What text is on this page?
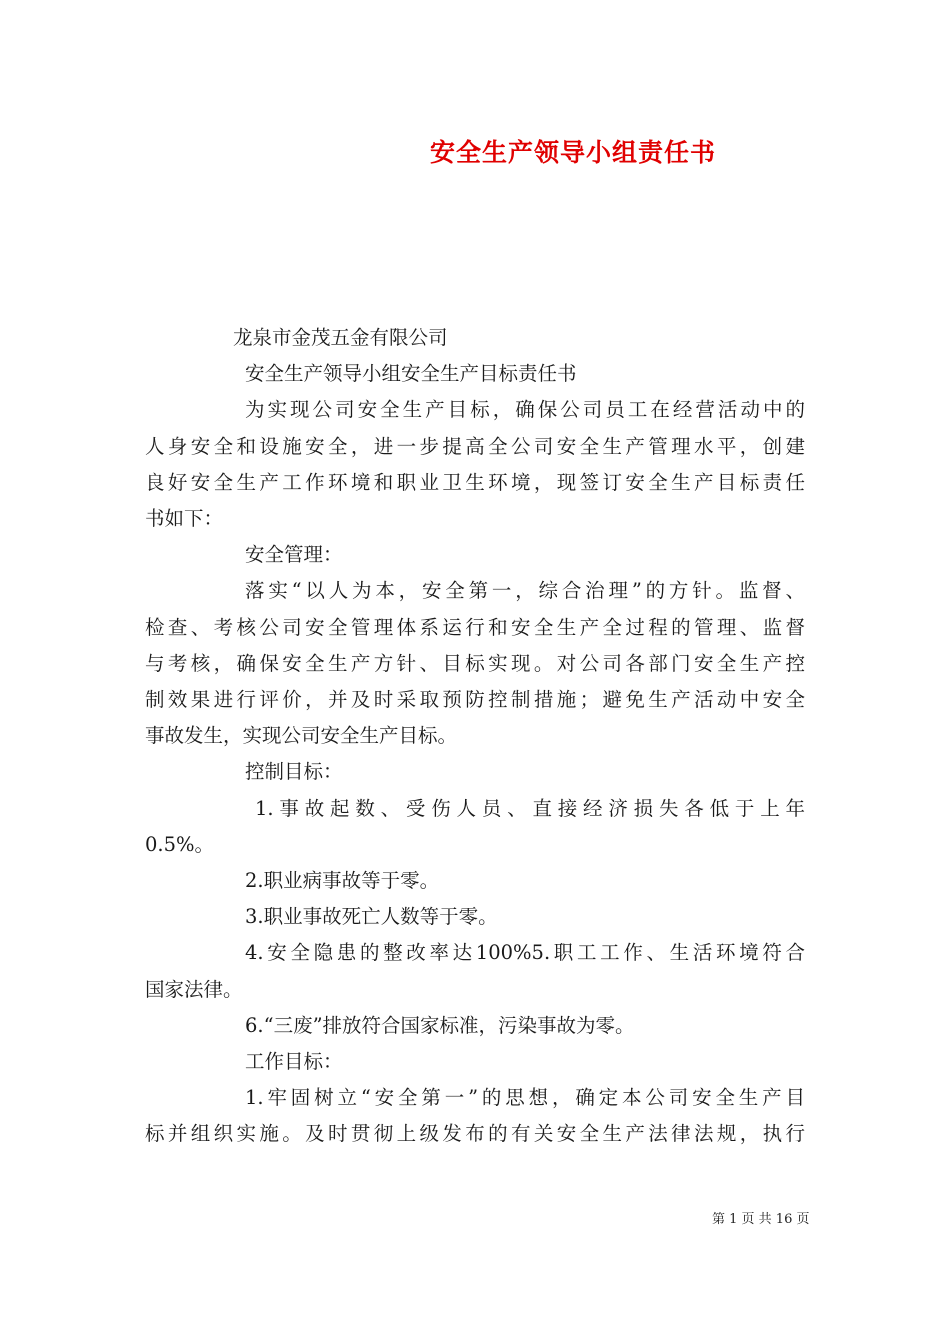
安全生产领导小组责任书
龙泉市金茂五金有限公司
安全生产领导小组安全生产目标责任书
为实现公司安全生产目标，确保公司员工在经营活动中的
人身安全和设施安全，进一步提高全公司安全生产管理水平，创建
良好安全生产工作环境和职业卫生环境，现签订安全生产目标责任
书如下：
安全管理：
落实“以人为本，安全第一，综合治理”的方针。监督、
检查、考核公司安全管理体系运行和安全生产全过程的管理、监督
与考核，确保安全生产方针、目标实现。对公司各部门安全生产控
制效果进行评价，并及时采取预防控制措施；避免生产活动中安全
事故发生，实现公司安全生产目标。
控制目标：
1.事故起数、受伤人员、直接经济损失各低于上年
0.5%。
2.职业病事故等于零。
3.职业事故死亡人数等于零。
4.安全隐患的整改率达100%5.职工工作、生活环境符合
国家法律。
6.“三废”排放符合国家标准，污染事故为零。
工作目标：
1.牢固树立“安全第一”的思想，确定本公司安全生产目
标并组织实施。及时贯彻上级发布的有关安全生产法律法规，执行
第 1 页 共 16 页
